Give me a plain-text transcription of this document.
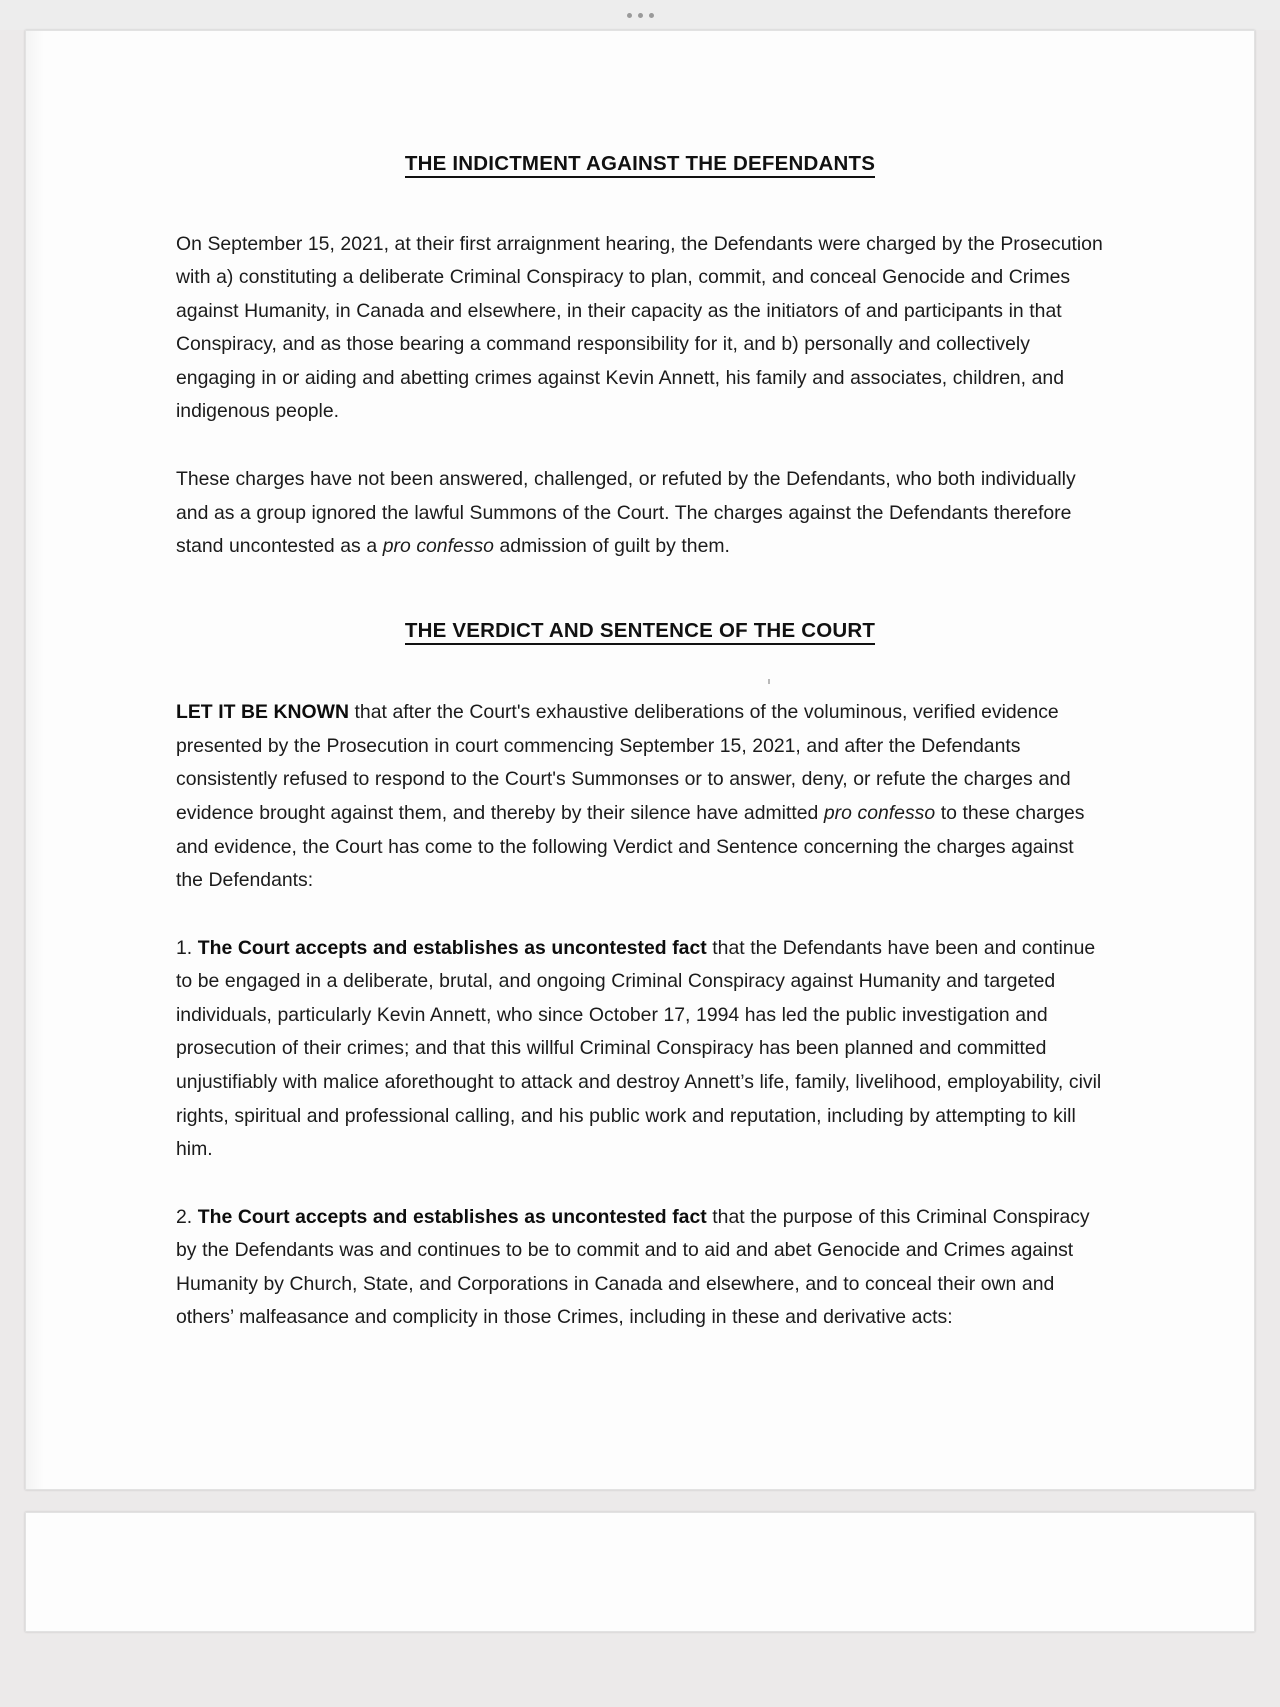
THE INDICTMENT AGAINST THE DEFENDANTS

On September 15, 2021, at their first arraignment hearing, the Defendants were charged by the Prosecution with a) constituting a deliberate Criminal Conspiracy to plan, commit, and conceal Genocide and Crimes against Humanity, in Canada and elsewhere, in their capacity as the initiators of and participants in that Conspiracy, and as those bearing a command responsibility for it, and b) personally and collectively engaging in or aiding and abetting crimes against Kevin Annett, his family and associates, children, and indigenous people.

These charges have not been answered, challenged, or refuted by the Defendants, who both individually and as a group ignored the lawful Summons of the Court. The charges against the Defendants therefore stand uncontested as a pro confesso admission of guilt by them.

THE VERDICT AND SENTENCE OF THE COURT

LET IT BE KNOWN that after the Court's exhaustive deliberations of the voluminous, verified evidence presented by the Prosecution in court commencing September 15, 2021, and after the Defendants consistently refused to respond to the Court's Summonses or to answer, deny, or refute the charges and evidence brought against them, and thereby by their silence have admitted pro confesso to these charges and evidence, the Court has come to the following Verdict and Sentence concerning the charges against the Defendants:

1. The Court accepts and establishes as uncontested fact that the Defendants have been and continue to be engaged in a deliberate, brutal, and ongoing Criminal Conspiracy against Humanity and targeted individuals, particularly Kevin Annett, who since October 17, 1994 has led the public investigation and prosecution of their crimes; and that this willful Criminal Conspiracy has been planned and committed unjustifiably with malice aforethought to attack and destroy Annett’s life, family, livelihood, employability, civil rights, spiritual and professional calling, and his public work and reputation, including by attempting to kill him.

2. The Court accepts and establishes as uncontested fact that the purpose of this Criminal Conspiracy by the Defendants was and continues to be to commit and to aid and abet Genocide and Crimes against Humanity by Church, State, and Corporations in Canada and elsewhere, and to conceal their own and others’ malfeasance and complicity in those Crimes, including in these and derivative acts:
